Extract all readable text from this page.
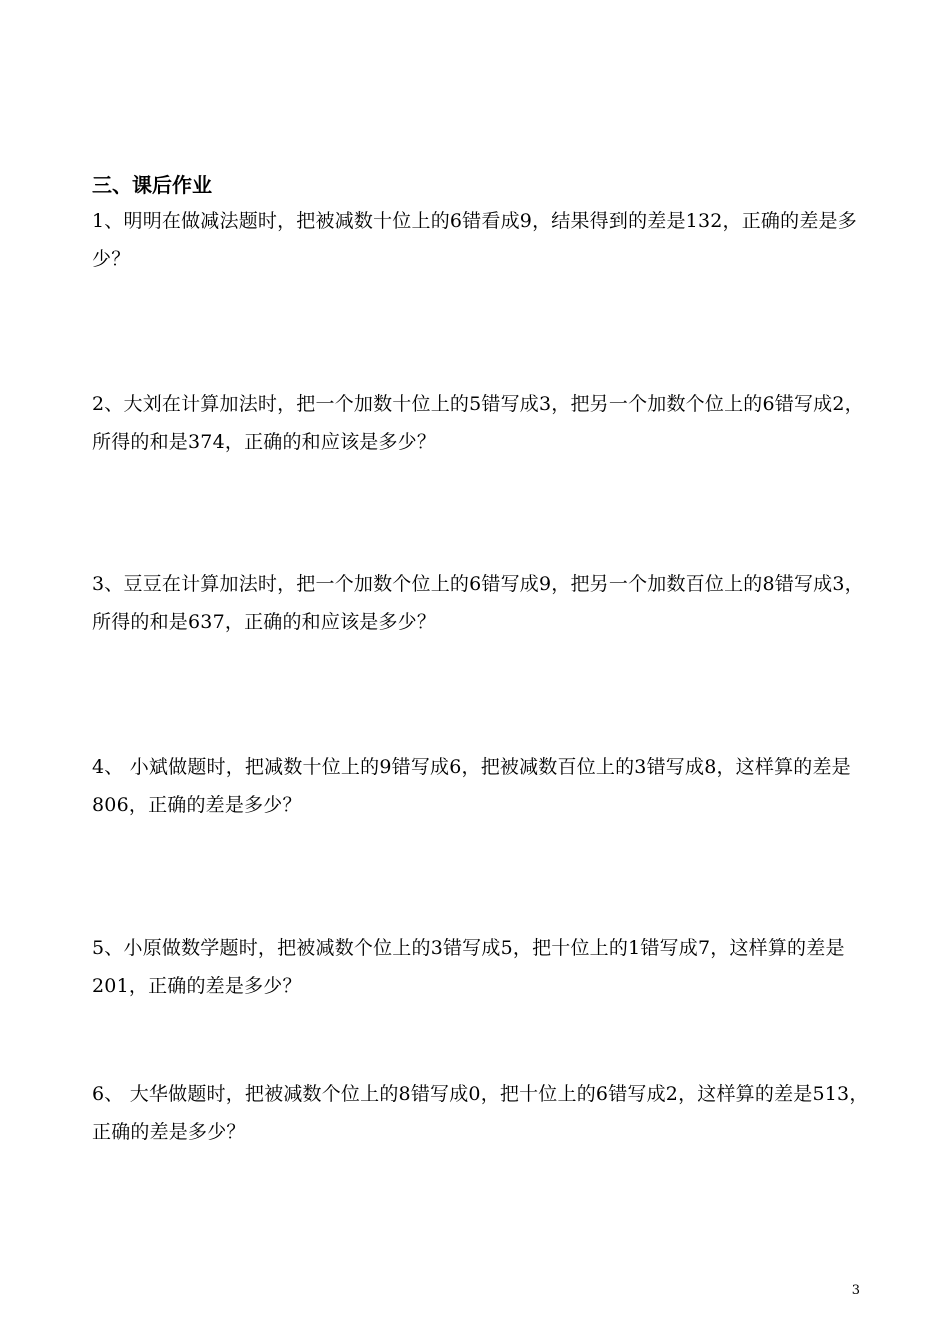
三、课后作业
1、明明在做减法题时，把被减数十位上的6错看成9，结果得到的差是132，正确的差是多少？
2、大刘在计算加法时，把一个加数十位上的5错写成3，把另一个加数个位上的6错写成2，所得的和是374，正确的和应该是多少？
3、豆豆在计算加法时，把一个加数个位上的6错写成9，把另一个加数百位上的8错写成3，所得的和是637，正确的和应该是多少？
4、 小斌做题时，把减数十位上的9错写成6，把被减数百位上的3错写成8，这样算的差是806，正确的差是多少？
5、小原做数学题时，把被减数个位上的3错写成5，把十位上的1错写成7，这样算的差是201，正确的差是多少？
6、 大华做题时，把被减数个位上的8错写成0，把十位上的6错写成2，这样算的差是513，正确的差是多少？
3
